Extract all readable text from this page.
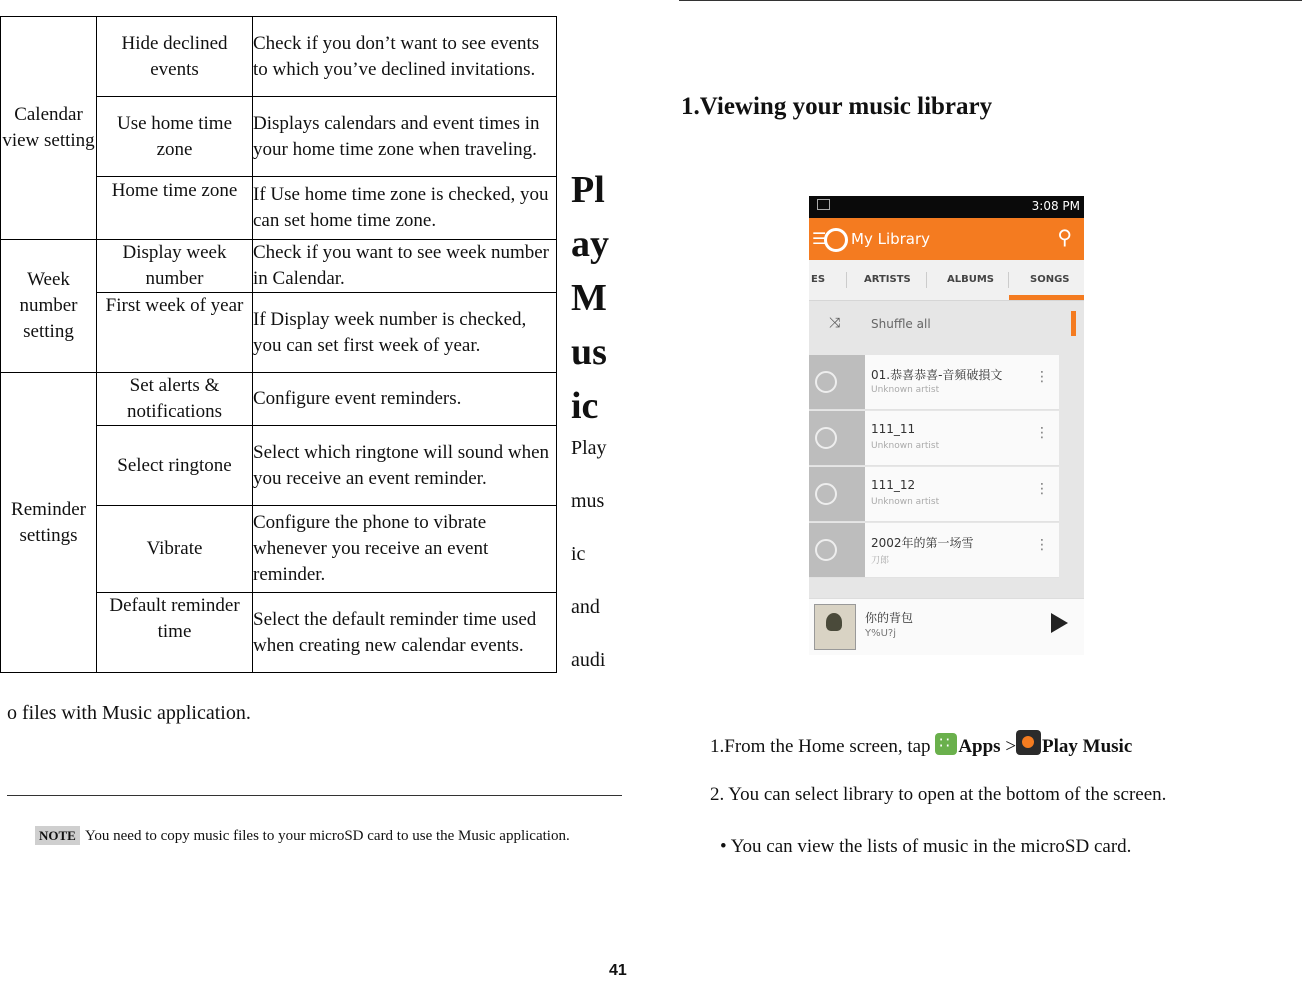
Calendar view setting	Hide declined events	Check if you don’t want to see events to which you’ve declined invitations.
	Use home time zone	Displays calendars and event times in your home time zone when traveling.
	Home time zone	If Use home time zone is checked, you can set home time zone.
Week number setting	Display week number	Check if you want to see week number in Calendar.
	First week of year	If Display week number is checked, you can set first week of year.
Reminder settings	Set alerts & notifications	Configure event reminders.
	Select ringtone	Select which ringtone will sound when you receive an event reminder.
	Vibrate	Configure the phone to vibrate whenever you receive an event reminder.
	Default reminder time	Select the default reminder time used when creating new calendar events.
Pl
ay
M
us
ic
Play
mus
ic
and
audi
o files with Music application.
NOTE You need to copy music files to your microSD card to use the Music application.
41
1.Viewing your music library
3:08 PM
☰ My Library	⚲
ES	ARTISTS	ALBUMS	SONGS
⤨	Shuffle all
01.恭喜恭喜-音頻破損文
Unknown artist
⋮
111_11
Unknown artist
⋮
111_12
Unknown artist
⋮
2002年的第一场雪
刀郎
⋮
你的背包
Y%U?j
1.From the Home screen, tap ∷Apps > Play Music
2. You can select library to open at the bottom of the screen.
• You can view the lists of music in the microSD card.
